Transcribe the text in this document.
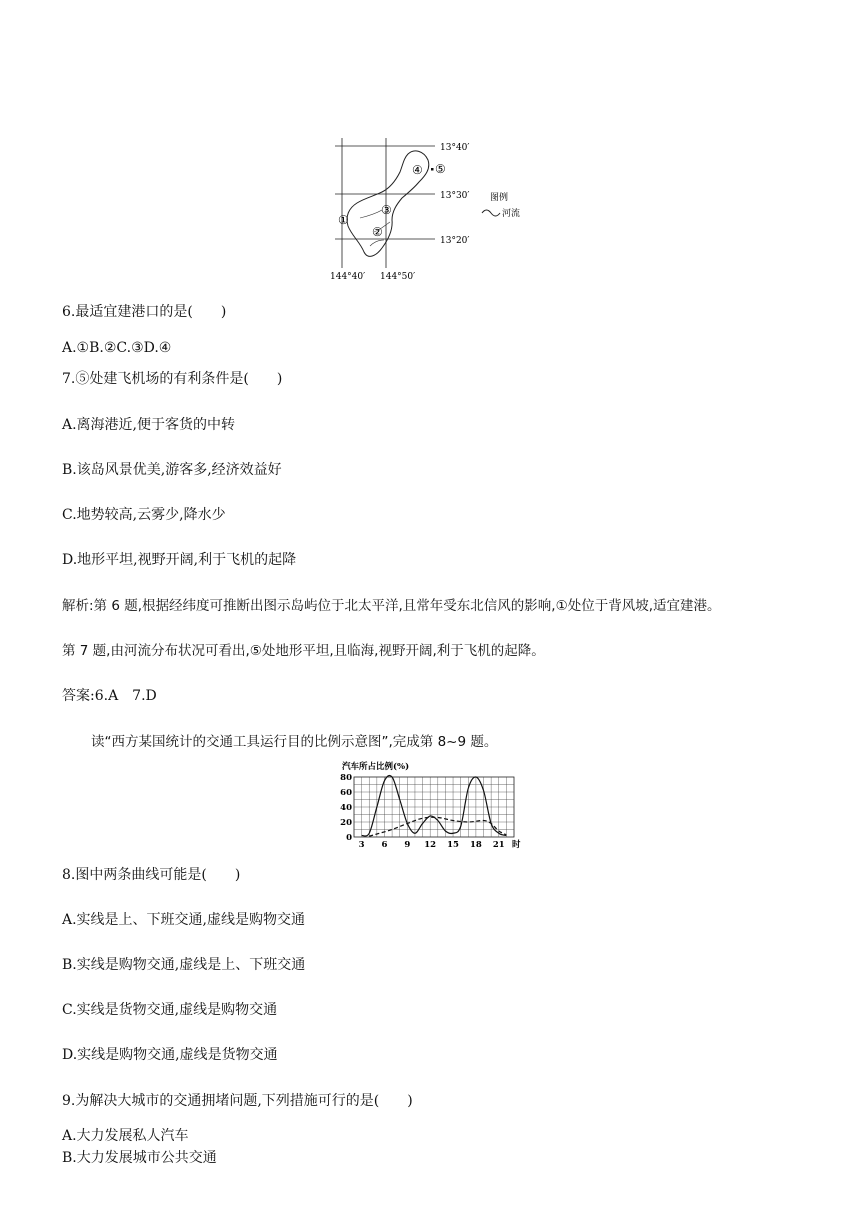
①
②
③
④ ⑤
13°40′
13°30′
13°20′
144°40′ 144°50′
图例
河流
6.最适宜建港口的是(　　)
A.①B.②C.③D.④
7.⑤处建飞机场的有利条件是(　　)
A.离海港近,便于客货的中转
B.该岛风景优美,游客多,经济效益好
C.地势较高,云雾少,降水少
D.地形平坦,视野开阔,利于飞机的起降
解析:第 6 题,根据经纬度可推断出图示岛屿位于北太平洋,且常年受东北信风的影响,①处位于背风坡,适宜建港。
第 7 题,由河流分布状况可看出,⑤处地形平坦,且临海,视野开阔,利于飞机的起降。
答案:6.A　7.D
读“西方某国统计的交通工具运行目的比例示意图”,完成第 8~9 题。
0
20
40
60
80
3 6 9 12 15 18 21 时
汽车所占比例(%)
8.图中两条曲线可能是(　　)
A.实线是上、下班交通,虚线是购物交通
B.实线是购物交通,虚线是上、下班交通
C.实线是货物交通,虚线是购物交通
D.实线是购物交通,虚线是货物交通
9.为解决大城市的交通拥堵问题,下列措施可行的是(　　)
A.大力发展私人汽车
B.大力发展城市公共交通
